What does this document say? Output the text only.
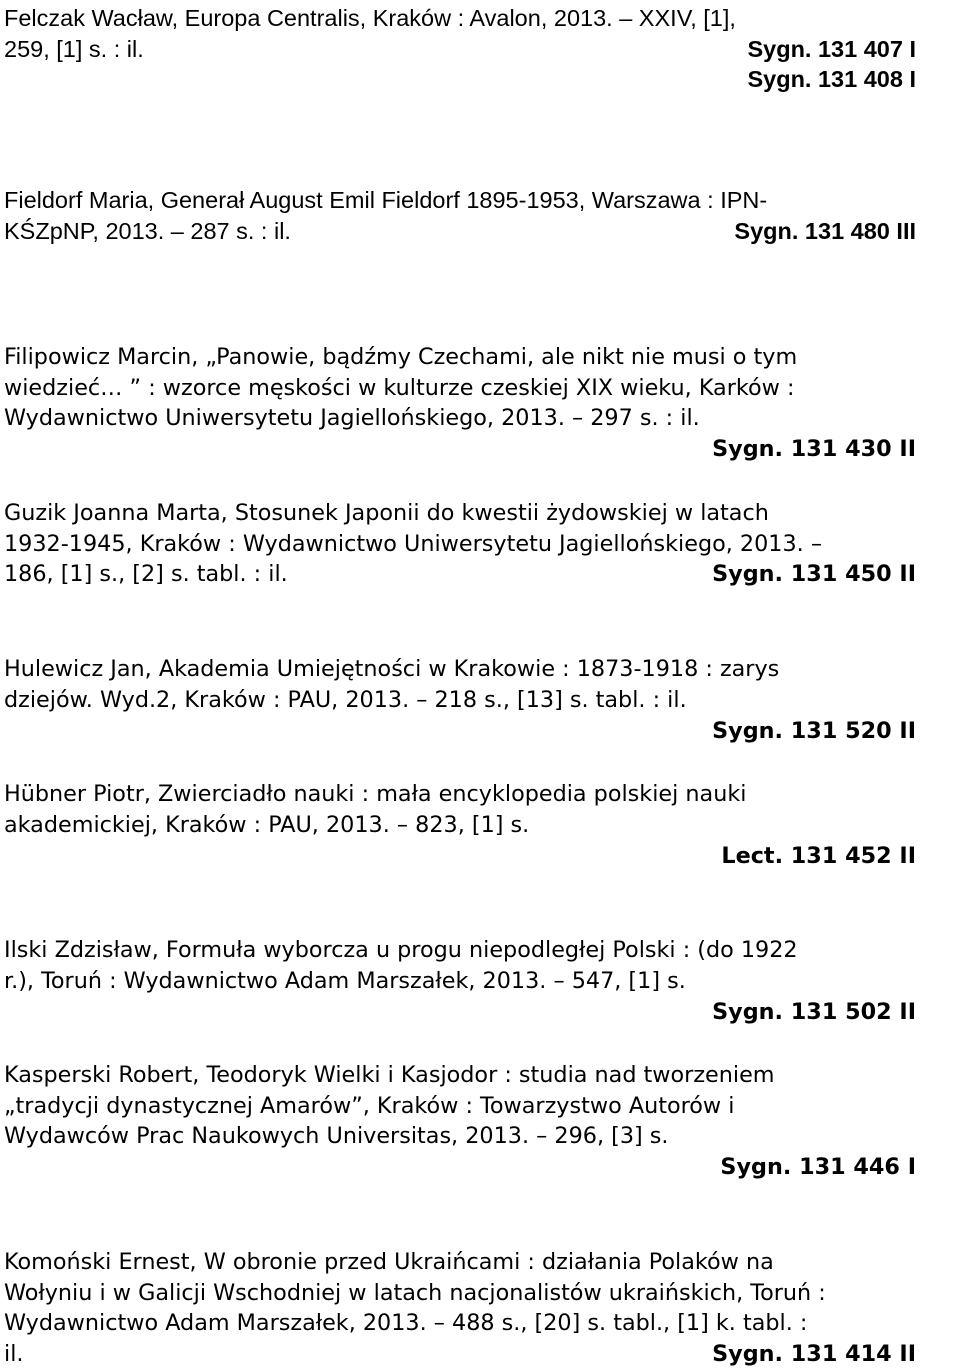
Felczak Wacław, Europa Centralis, Kraków : Avalon, 2013. – XXIV, [1],
259, [1] s. : il.	Sygn. 131 407 I
Sygn. 131 408 I
Fieldorf Maria, Generał August Emil Fieldorf 1895-1953, Warszawa : IPN-
KŚZpNP, 2013. – 287 s. : il.	Sygn. 131 480 III
Filipowicz Marcin, „Panowie, bądźmy Czechami, ale nikt nie musi o tym
wiedzieć… ” : wzorce męskości w kulturze czeskiej XIX wieku, Karków :
Wydawnictwo Uniwersytetu Jagiellońskiego, 2013. – 297 s. : il.
Sygn. 131 430 II
Guzik Joanna Marta, Stosunek Japonii do kwestii żydowskiej w latach
1932-1945, Kraków : Wydawnictwo Uniwersytetu Jagiellońskiego, 2013. –
186, [1] s., [2] s. tabl. : il.	Sygn. 131 450 II
Hulewicz Jan, Akademia Umiejętności w Krakowie : 1873-1918 : zarys
dziejów. Wyd.2, Kraków : PAU, 2013. – 218 s., [13] s. tabl. : il.
Sygn. 131 520 II
Hübner Piotr, Zwierciadło nauki : mała encyklopedia polskiej nauki
akademickiej, Kraków : PAU, 2013. – 823, [1] s.
Lect. 131 452 II
Ilski Zdzisław, Formuła wyborcza u progu niepodległej Polski : (do 1922
r.), Toruń : Wydawnictwo Adam Marszałek, 2013. – 547, [1] s.
Sygn. 131 502 II
Kasperski Robert, Teodoryk Wielki i Kasjodor : studia nad tworzeniem
„tradycji dynastycznej Amarów”, Kraków : Towarzystwo Autorów i
Wydawców Prac Naukowych Universitas, 2013. – 296, [3] s.
Sygn. 131 446 I
Komoński Ernest, W obronie przed Ukraińcami : działania Polaków na
Wołyniu i w Galicji Wschodniej w latach nacjonalistów ukraińskich, Toruń :
Wydawnictwo Adam Marszałek, 2013. – 488 s., [20] s. tabl., [1] k. tabl. :
il.	Sygn. 131 414 II
